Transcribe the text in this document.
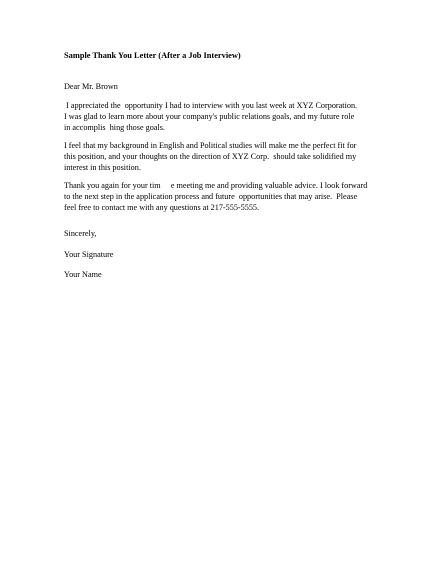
Sample Thank You Letter (After a Job Interview)
Dear Mr. Brown
I appreciated the  opportunity I had to interview with you last week at XYZ Corporation.
I was glad to learn more about your company's public relations goals, and my future role
in accomplis  hing those goals.
I feel that my background in English and Political studies will make me the perfect fit for
this position, and your thoughts on the direction of XYZ Corp.  should take solidified my
interest in this position.
Thank you again for your tim     e meeting me and providing valuable advice. I look forward
to the next step in the application process and future  opportunities that may arise.  Please
feel free to contact me with any questions at 217-555-5555.
Sincerely,
Your Signature
Your Name
